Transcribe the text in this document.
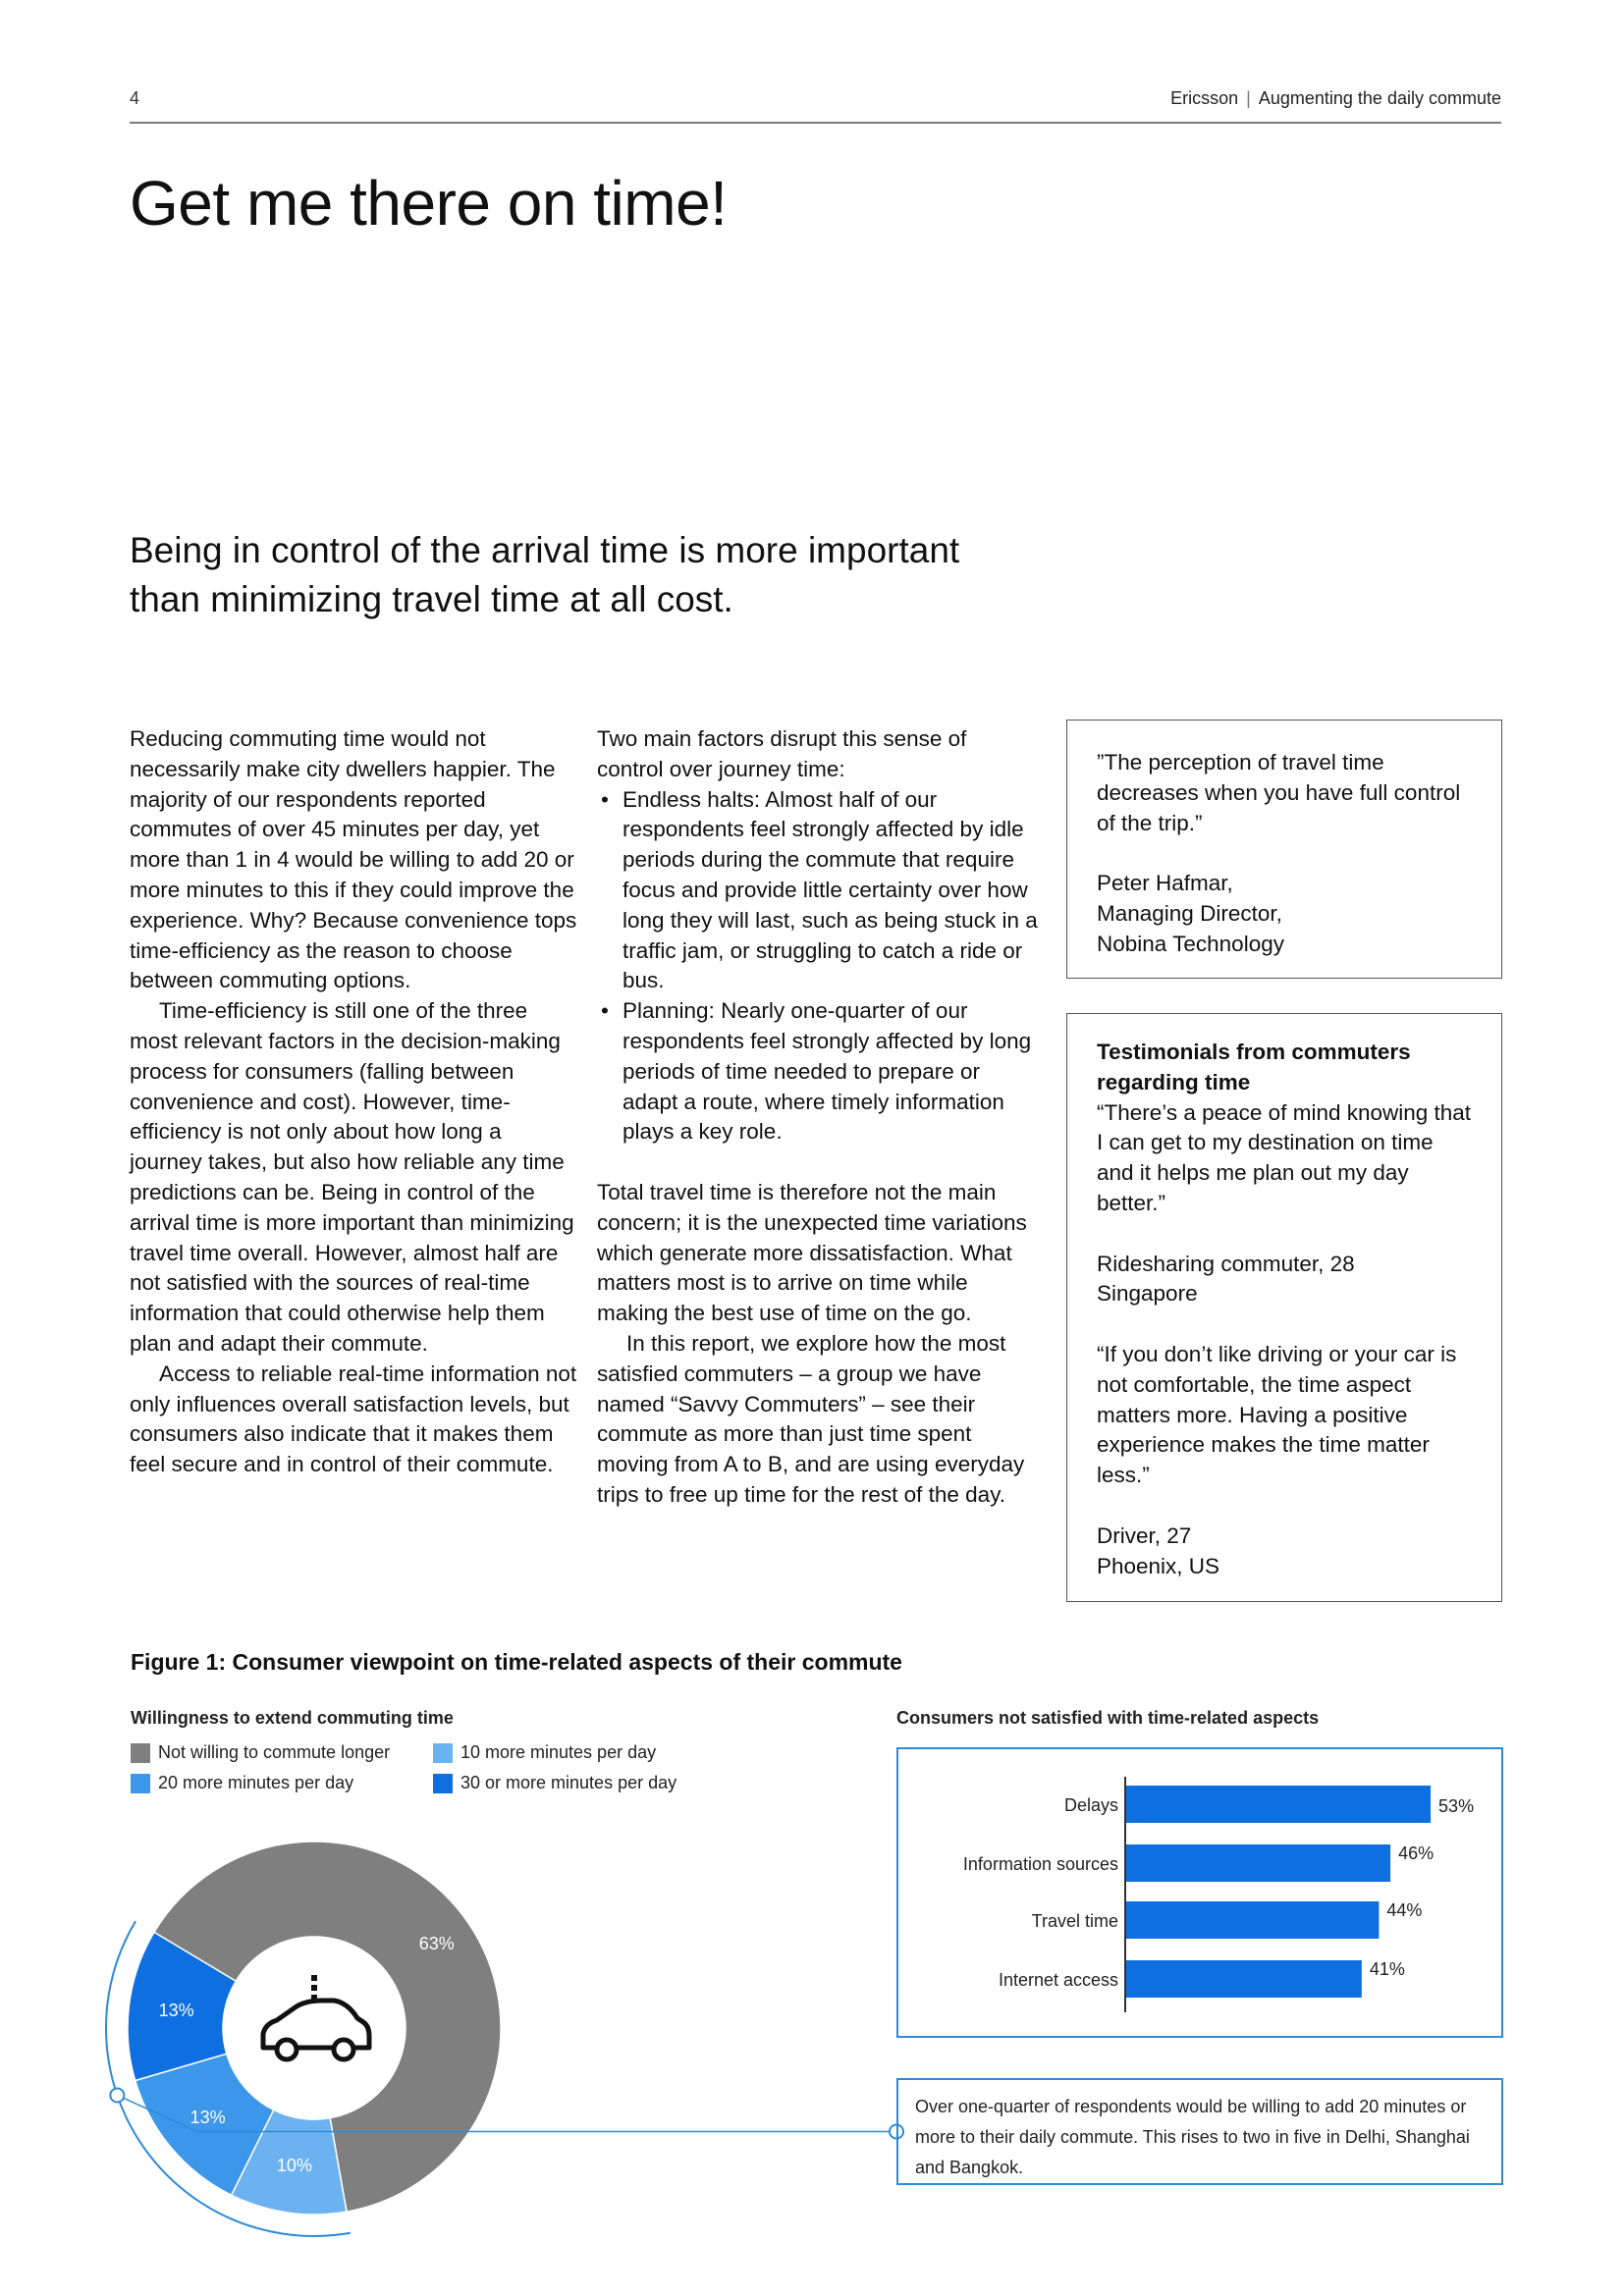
4	Ericsson | Augmenting the daily commute
Get me there on time!
Being in control of the arrival time is more important than minimizing travel time at all cost.

Reducing commuting time would not necessarily make city dwellers happier. The majority of our respondents reported commutes of over 45 minutes per day, yet more than 1 in 4 would be willing to add 20 or more minutes to this if they could improve the experience. Why? Because convenience tops time-efficiency as the reason to choose between commuting options.

Time-efficiency is still one of the three most relevant factors in the decision-making process for consumers (falling between convenience and cost). However, time-efficiency is not only about how long a journey takes, but also how reliable any time predictions can be. Being in control of the arrival time is more important than minimizing travel time overall. However, almost half are not satisfied with the sources of real-time information that could otherwise help them plan and adapt their commute.

Access to reliable real-time information not only influences overall satisfaction levels, but consumers also indicate that it makes them feel secure and in control of their commute.

Two main factors disrupt this sense of control over journey time:

• Endless halts: Almost half of our respondents feel strongly affected by idle periods during the commute that require focus and provide little certainty over how long they will last, such as being stuck in a traffic jam, or struggling to catch a ride or bus.
• Planning: Nearly one-quarter of our respondents feel strongly affected by long periods of time needed to prepare or adapt a route, where timely information plays a key role.

Total travel time is therefore not the main concern; it is the unexpected time variations which generate more dissatisfaction. What matters most is to arrive on time while making the best use of time on the go.

In this report, we explore how the most satisfied commuters – a group we have named “Savvy Commuters” – see their commute as more than just time spent moving from A to B, and are using everyday trips to free up time for the rest of the day.

”The perception of travel time decreases when you have full control of the trip.”

Peter Hafmar,

Managing Director,

Nobina Technology

Testimonials from commuters regarding time

“There’s a peace of mind knowing that I can get to my destination on time and it helps me plan out my day better.”

Ridesharing commuter, 28

Singapore

“If you don’t like driving or your car is not comfortable, the time aspect matters more. Having a positive experience makes the time matter less.”

Driver, 27

Phoenix, US

Figure 1: Consumer viewpoint on time-related aspects of their commute
Willingness to extend commuting time	Consumers not satisfied with time-related aspects
Not willing to commute longer	10 more minutes per day
20 more minutes per day	30 or more minutes per day
63%
10%
13%
13%
Delays	53%
Information sources
46%
Travel time
44%
Internet access
41%
Over one-quarter of respondents would be willing to add 20 minutes or more to their daily commute. This rises to two in five in Delhi, Shanghai and Bangkok.
